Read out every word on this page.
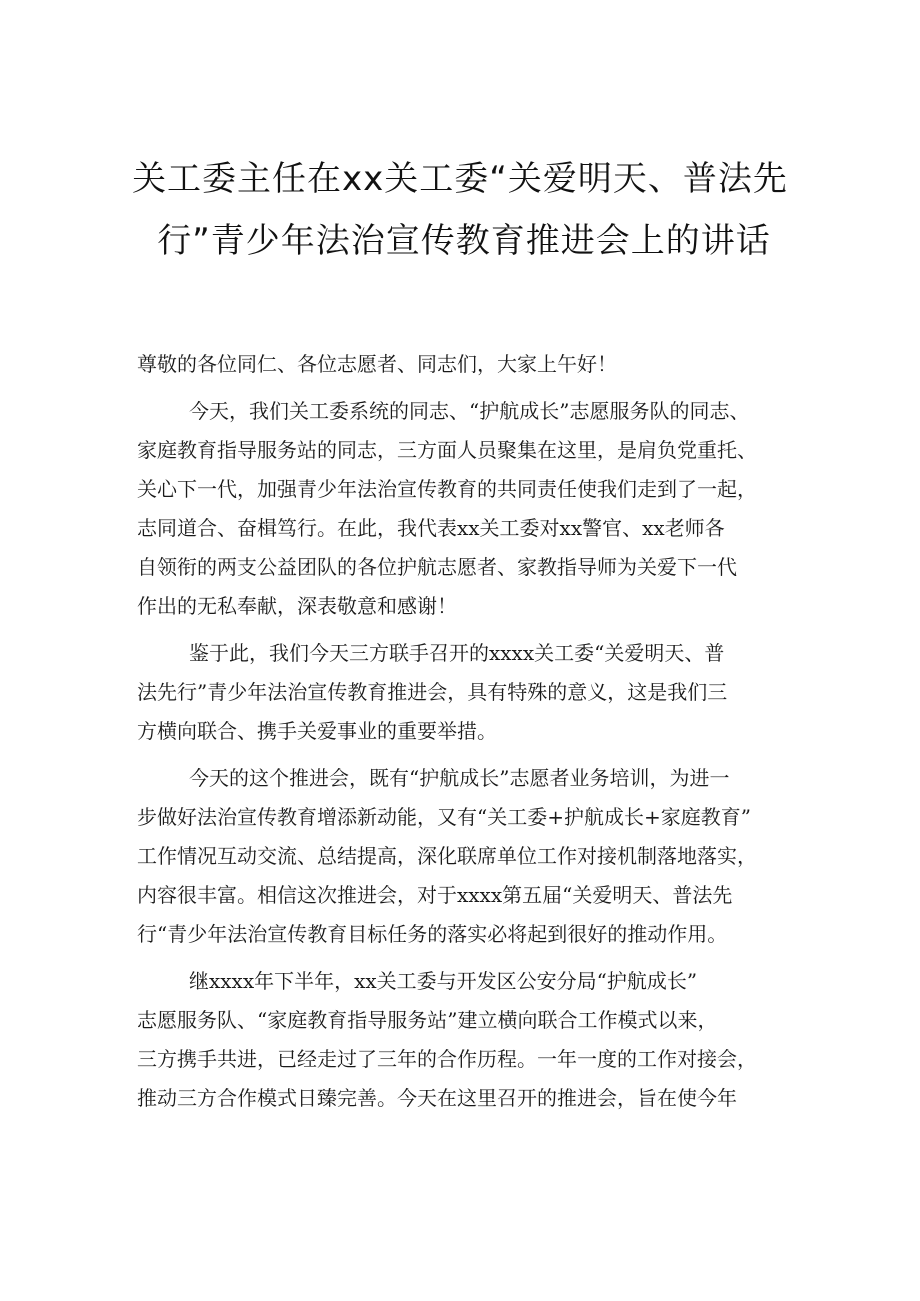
关工委主任在xx关工委“关爱明天、普法先
行”青少年法治宣传教育推进会上的讲话
尊敬的各位同仁、各位志愿者、同志们，大家上午好！
今天，我们关工委系统的同志、“护航成长”志愿服务队的同志、
家庭教育指导服务站的同志，三方面人员聚集在这里，是肩负党重托、
关心下一代，加强青少年法治宣传教育的共同责任使我们走到了一起，
志同道合、奋楫笃行。在此，我代表xx关工委对xx警官、xx老师各
自领衔的两支公益团队的各位护航志愿者、家教指导师为关爱下一代
作出的无私奉献，深表敬意和感谢！
鉴于此，我们今天三方联手召开的xxxx关工委“关爱明天、普
法先行”青少年法治宣传教育推进会，具有特殊的意义，这是我们三
方横向联合、携手关爱事业的重要举措。
今天的这个推进会，既有“护航成长”志愿者业务培训，为进一
步做好法治宣传教育增添新动能，又有“关工委+护航成长+家庭教育”
工作情况互动交流、总结提高，深化联席单位工作对接机制落地落实，
内容很丰富。相信这次推进会，对于xxxx第五届“关爱明天、普法先
行“青少年法治宣传教育目标任务的落实必将起到很好的推动作用。
继xxxx年下半年，xx关工委与开发区公安分局“护航成长”
志愿服务队、“家庭教育指导服务站”建立横向联合工作模式以来，
三方携手共进，已经走过了三年的合作历程。一年一度的工作对接会，
推动三方合作模式日臻完善。今天在这里召开的推进会，旨在使今年
